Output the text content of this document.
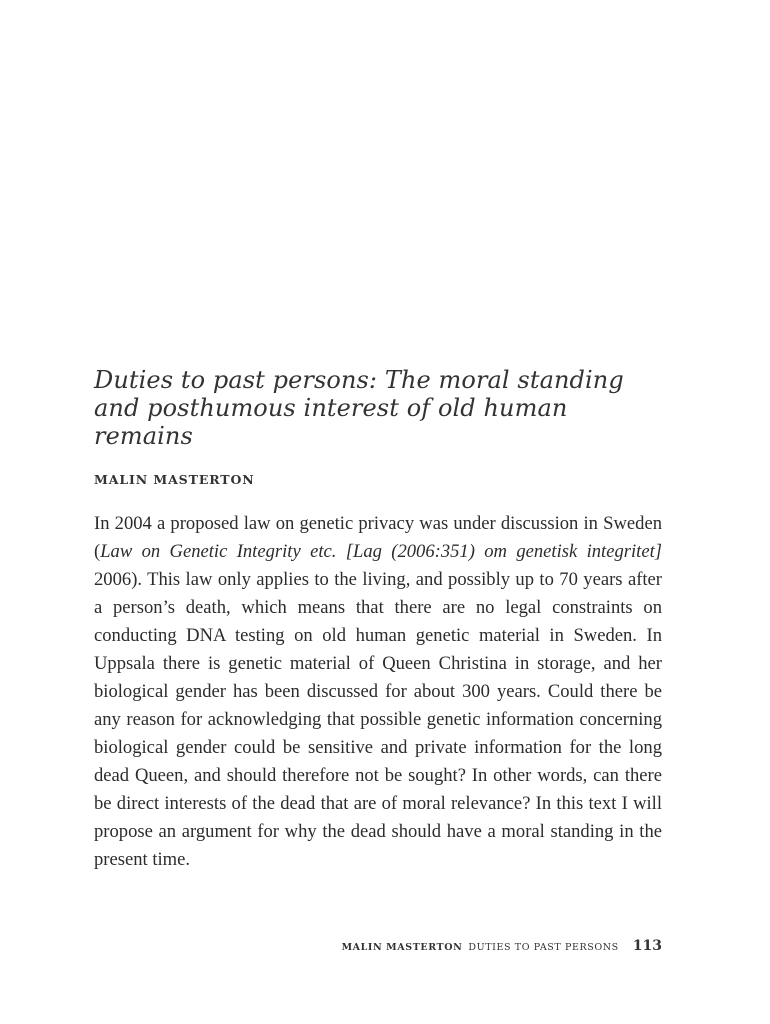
Duties to past persons: The moral standing and posthumous interest of old human remains

MALIN MASTERTON

In 2004 a proposed law on genetic privacy was under discussion in Sweden (Law on Genetic Integrity etc. [Lag (2006:351) om genetisk integritet] 2006). This law only applies to the living, and possibly up to 70 years after a person’s death, which means that there are no legal constraints on conducting DNA testing on old human genetic material in Sweden. In Uppsala there is genetic material of Queen Christina in storage, and her biological gender has been discussed for about 300 years. Could there be any reason for acknowledging that possible genetic information concerning biological gender could be sensitive and private information for the long dead Queen, and should therefore not be sought? In other words, can there be direct interests of the dead that are of moral relevance? In this text I will propose an argument for why the dead should have a moral standing in the present time.

MALIN MASTERTON DUTIES TO PAST PERSONS 113
